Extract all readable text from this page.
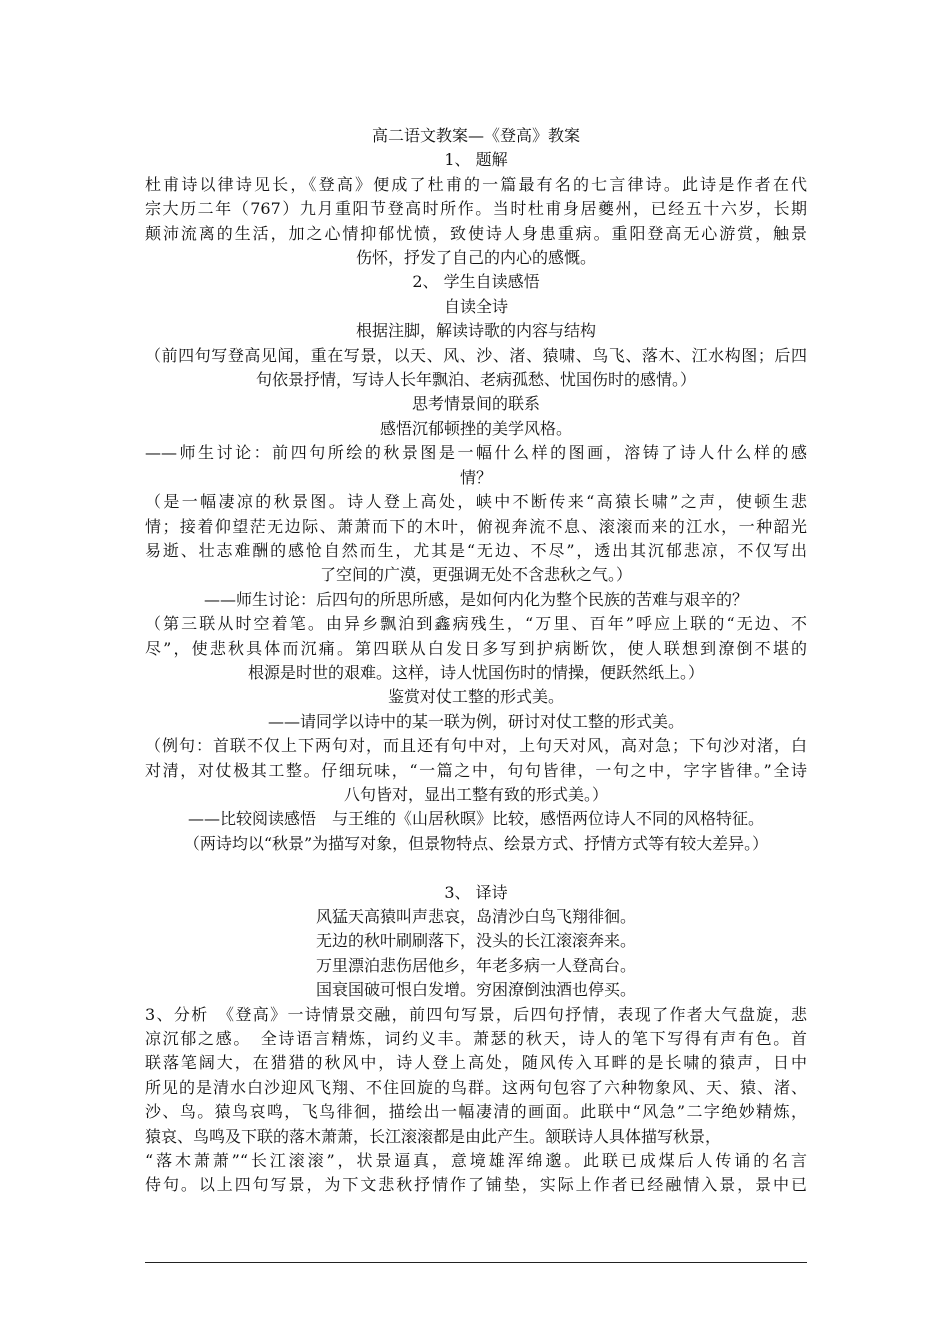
高二语文教案—《登高》教案
1、 题解
杜甫诗以律诗见长，《登高》便成了杜甫的一篇最有名的七言律诗。此诗是作者在代
宗大历二年（767）九月重阳节登高时所作。当时杜甫身居夔州，已经五十六岁，长期
颠沛流离的生活，加之心情抑郁忧愤，致使诗人身患重病。重阳登高无心游赏，触景
伤怀，抒发了自己的内心的感慨。
2、 学生自读感悟
自读全诗
根据注脚，解读诗歌的内容与结构
（前四句写登高见闻，重在写景，以天、风、沙、渚、猿啸、鸟飞、落木、江水构图；后四
句依景抒情，写诗人长年飘泊、老病孤愁、忧国伤时的感情。）
思考情景间的联系
感悟沉郁顿挫的美学风格。
——师生讨论：前四句所绘的秋景图是一幅什么样的图画，溶铸了诗人什么样的感
情？
（是一幅凄凉的秋景图。诗人登上高处，峡中不断传来“高猿长啸”之声，使顿生悲
情；接着仰望茫无边际、萧萧而下的木叶，俯视奔流不息、滚滚而来的江水，一种韶光
易逝、壮志难酬的感怆自然而生，尤其是“无边、不尽”，透出其沉郁悲凉，不仅写出
了空间的广漠，更强调无处不含悲秋之气。）
——师生讨论：后四句的所思所感，是如何内化为整个民族的苦难与艰辛的？
（第三联从时空着笔。由异乡飘泊到鑫病残生，“万里、百年”呼应上联的“无边、不
尽”，使悲秋具体而沉痛。第四联从白发日多写到护病断饮，使人联想到潦倒不堪的
根源是时世的艰难。这样，诗人忧国伤时的情操，便跃然纸上。）
鉴赏对仗工整的形式美。
——请同学以诗中的某一联为例，研讨对仗工整的形式美。
（例句：首联不仅上下两句对，而且还有句中对，上句天对风，高对急；下句沙对渚，白
对清，对仗极其工整。仔细玩味，“一篇之中，句句皆律，一句之中，字字皆律。”全诗
八句皆对，显出工整有致的形式美。）
——比较阅读感悟　与王维的《山居秋暝》比较，感悟两位诗人不同的风格特征。
（两诗均以“秋景”为描写对象，但景物特点、绘景方式、抒情方式等有较大差异。）
3、 译诗
风猛天高猿叫声悲哀，岛清沙白鸟飞翔徘徊。
无边的秋叶刷刷落下，没头的长江滚滚奔来。
万里漂泊悲伤居他乡，年老多病一人登高台。
国衰国破可恨白发增。穷困潦倒浊酒也停买。
3、分析　《登高》一诗情景交融，前四句写景，后四句抒情，表现了作者大气盘旋，悲
凉沉郁之感。　全诗语言精炼，词约义丰。萧瑟的秋天，诗人的笔下写得有声有色。首
联落笔阔大，在猎猎的秋风中，诗人登上高处，随风传入耳畔的是长啸的猿声，日中
所见的是清水白沙迎风飞翔、不住回旋的鸟群。这两句包容了六种物象风、天、猿、渚、
沙、鸟。猿鸟哀鸣，飞鸟徘徊，描绘出一幅凄清的画面。此联中“风急”二字绝妙精炼，
猿哀、鸟鸣及下联的落木萧萧，长江滚滚都是由此产生。颔联诗人具体描写秋景，
“落木萧萧”“长江滚滚”，状景逼真，意境雄浑绵邈。此联已成煤后人传诵的名言
侍句。以上四句写景，为下文悲秋抒情作了铺垫，实际上作者已经融情入景，景中已
